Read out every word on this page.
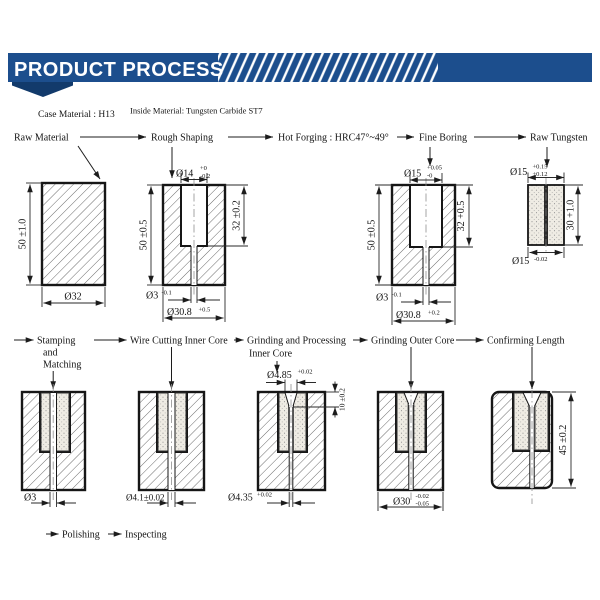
PRODUCT PROCESS
Case Material : H13 Inside Material: Tungsten Carbide ST7
Raw Material	Rough Shaping	Hot Forging : HRC47°~49°	Fine Boring	Raw Tungsten
50 ±1.0
Ø32
Ø14 +0
-0.2
50 ±0.5
32 ±0.2
Ø3 -0.1
Ø30.8 +0.5
Ø15
+0.05
-0
50 ±0.5
32 +0.5
Ø3 -0.1
Ø30.8 +0.2
Ø15 +0.15
+0.12
30 +1.0
Ø15 -0.02
Stamping
and
Matching
Wire Cutting Inner Core Grinding and Processing
Inner Core
Grinding Outer Core	Confirming Length
Ø3	Ø4.1±0.02
Ø4.85 +0.02
10 ±0.2
Ø4.35 +0.02
Ø30 -0.02
-0.05
45 ±0.2
Polishing	Inspecting
